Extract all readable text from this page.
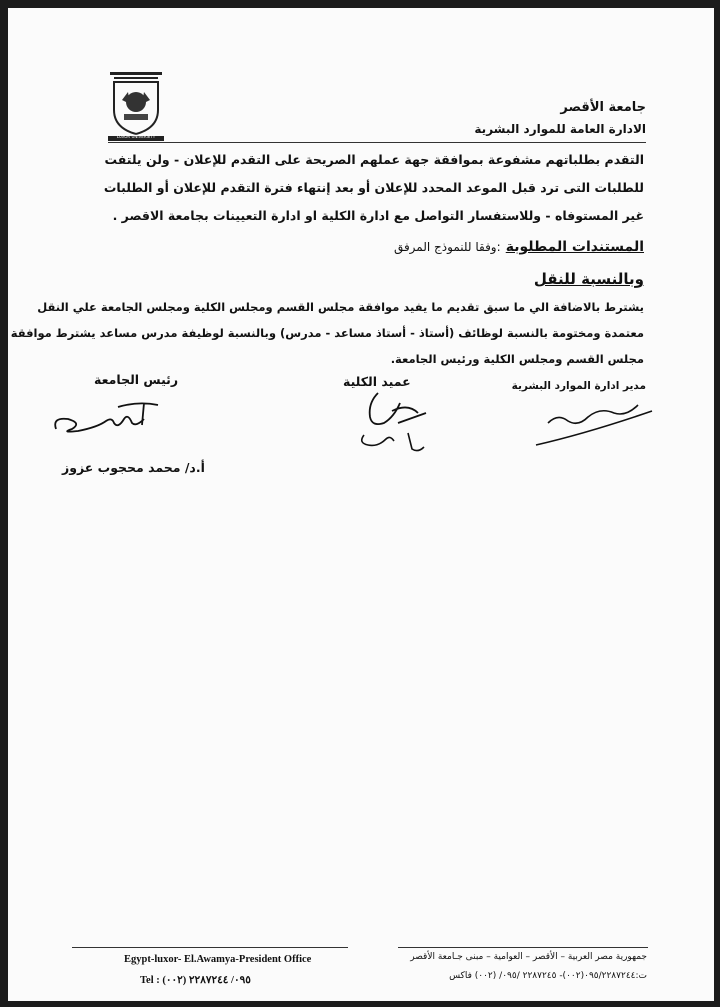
LUXOR UNIVERSITY
جامعة الأقصر
الادارة العامة للموارد البشرية
التقدم بطلباتهم مشفوعة بموافقة جهة عملهم الصريحة على التقدم للإعلان - ولن يلتفت
للطلبات التى ترد قبل الموعد المحدد للإعلان أو بعد إنتهاء فترة التقدم للإعلان أو الطلبات
غير المستوفاه - وللاستفسار التواصل مع ادارة الكلية او ادارة التعيينات بجامعة الاقصر .
المستندات المطلوبة :وفقا للنموذج المرفق
وبالنسبة للنقل
يشترط بالاضافة الي ما سبق تقديم ما يفيد موافقة مجلس القسم ومجلس الكلية ومجلس الجامعة علي النقل
معتمدة ومختومة بالنسبة لوظائف (أستاذ - أستاذ مساعد - مدرس) وبالنسبة لوظيفة مدرس مساعد يشترط موافقة
مجلس القسم ومجلس الكلية ورئيس الجامعة.
مدير ادارة الموارد البشرية
عميد الكلية
رئيس الجامعة
أ.د/ محمد محجوب عزوز
Egypt-luxor- El.Awamya-President Office
Tel : (٠٠٢) ٠٩٥/ ٢٢٨٧٢٤٤
جمهورية مصر العربية – الأقصر – العوامية – مبنى جـامعة الأقصر
ت:٠٩٥/٢٢٨٧٢٤٤(٠٠٢)- ٢٢٨٧٢٤٥ /٠٩٥/ (٠٠٢) فاكس
